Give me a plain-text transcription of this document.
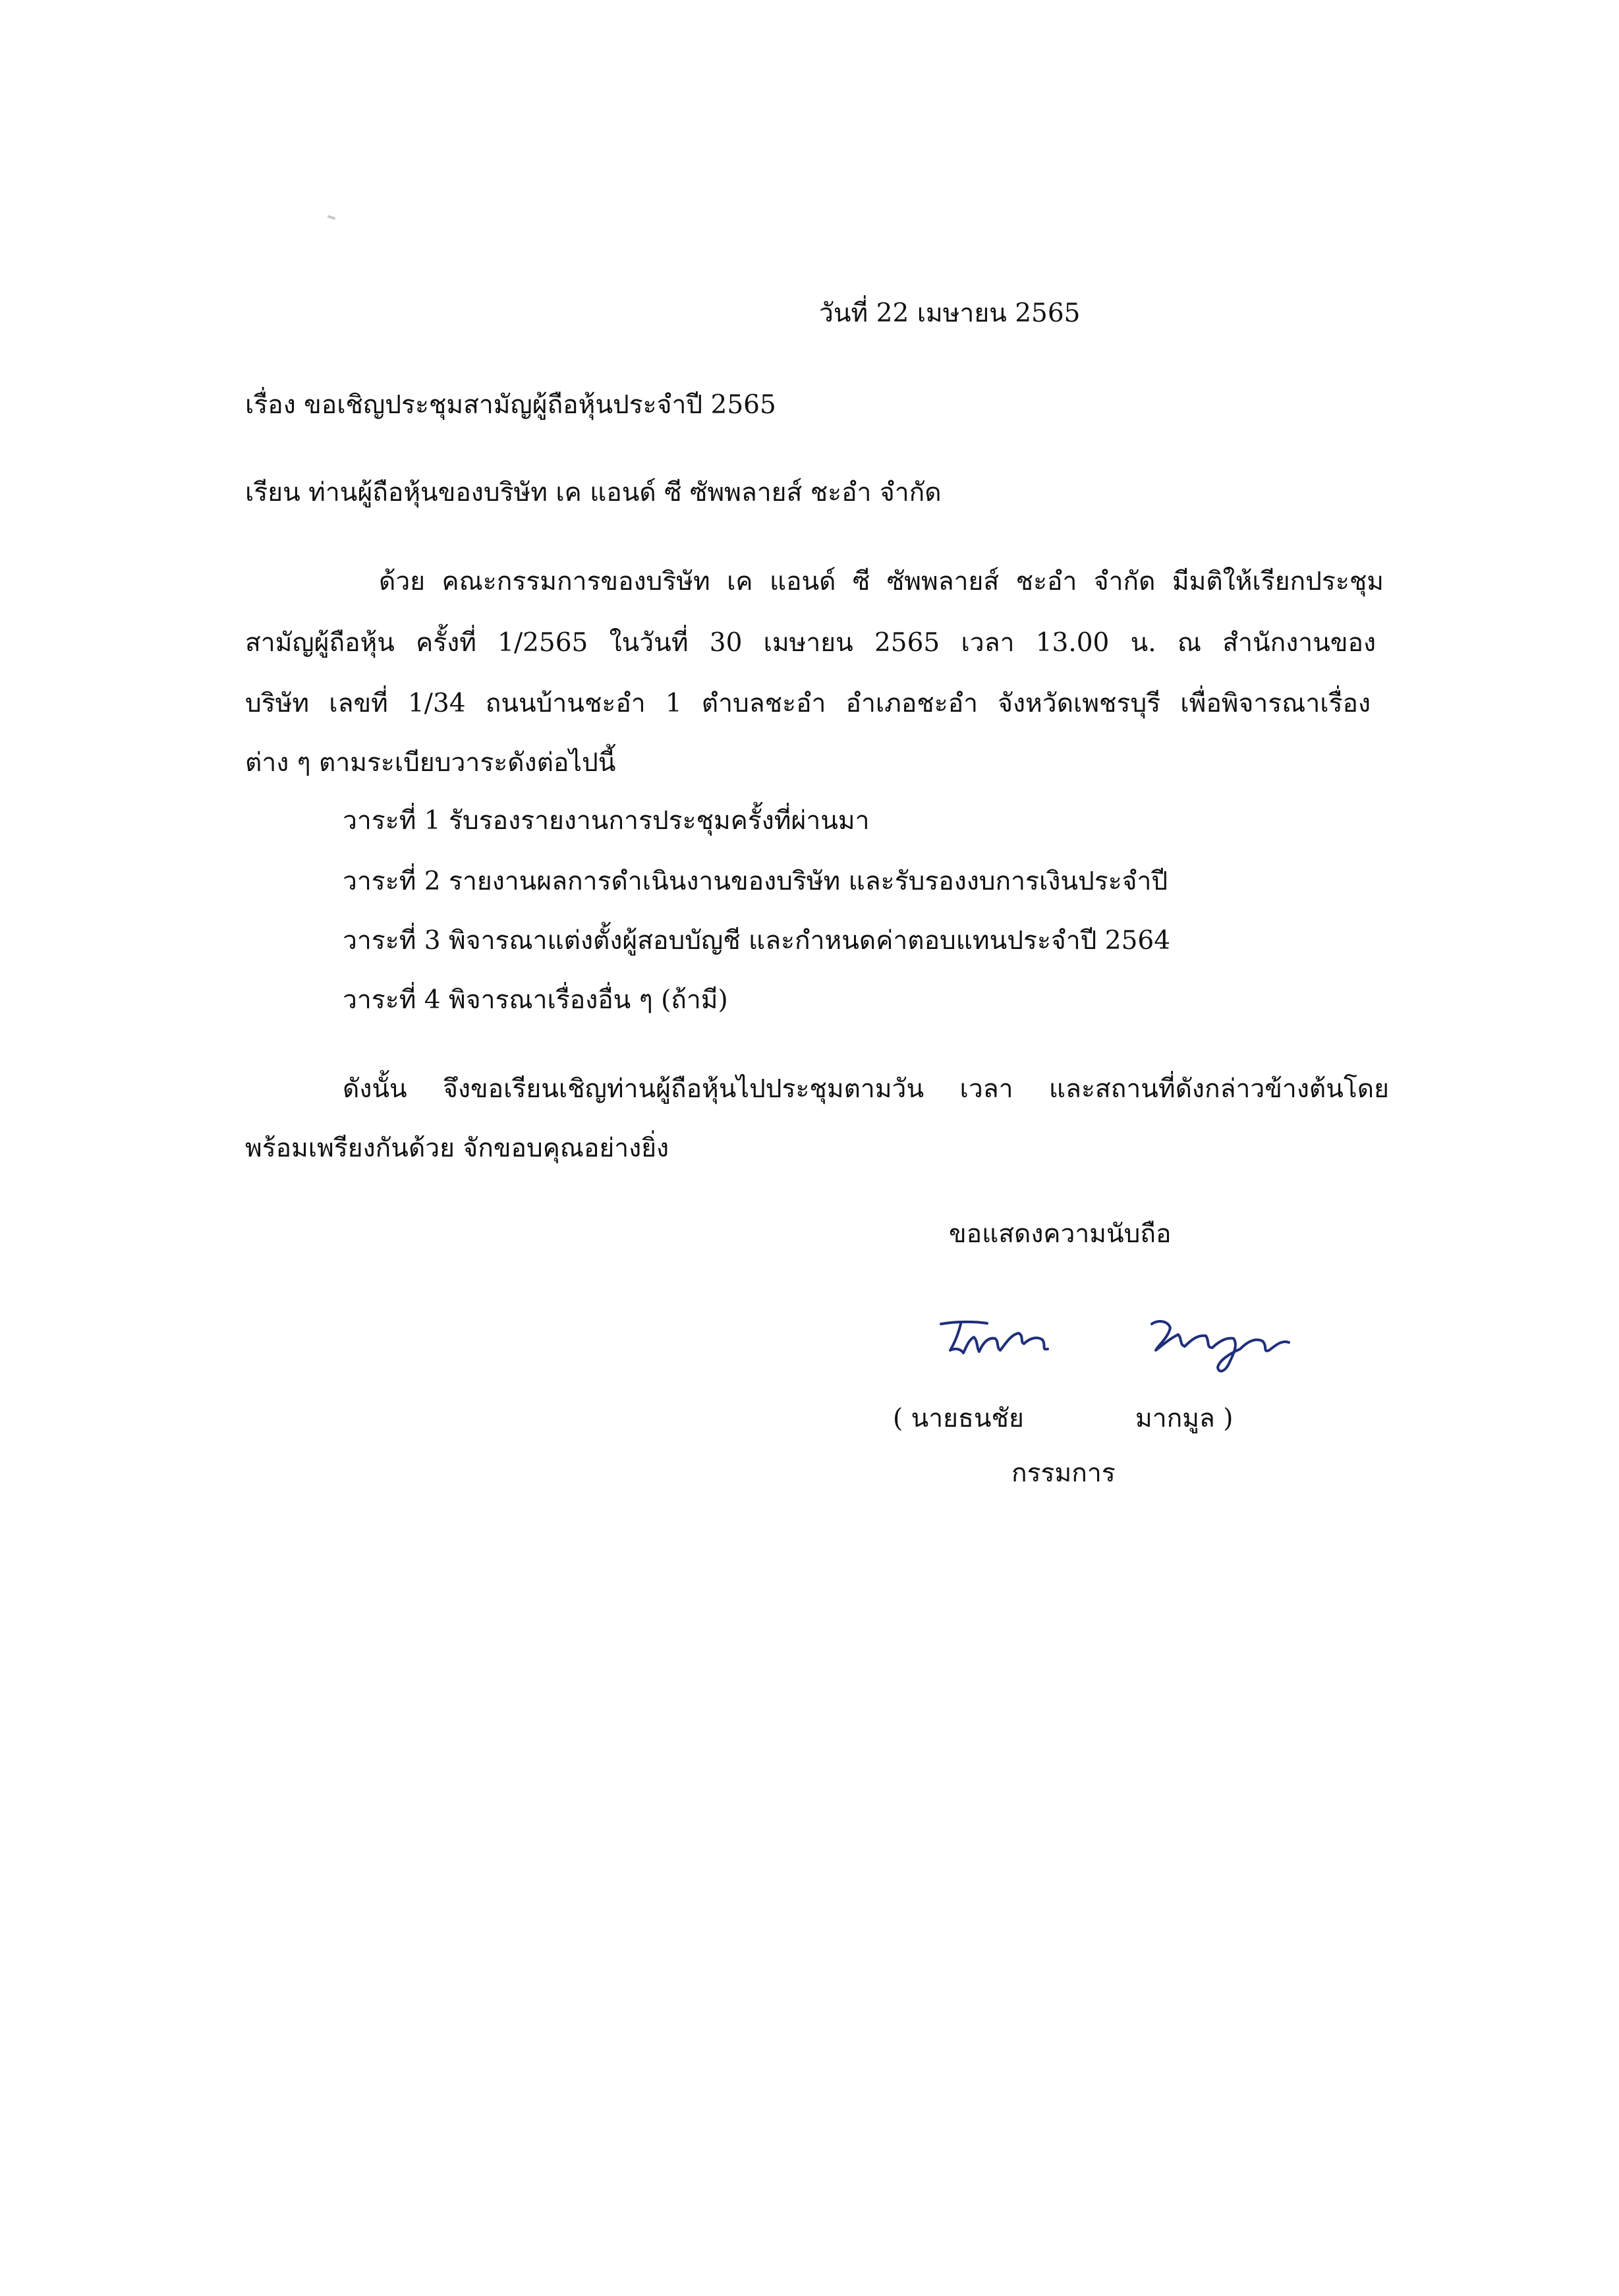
วันที่ 22 เมษายน 2565
เรื่อง ขอเชิญประชุมสามัญผู้ถือหุ้นประจำปี 2565
เรียน ท่านผู้ถือหุ้นของบริษัท เค แอนด์ ซี ซัพพลายส์ ชะอำ จำกัด
ด้วย คณะกรรมการของบริษัท เค แอนด์ ซี ซัพพลายส์ ชะอำ จำกัด มีมติให้เรียกประชุม
สามัญผู้ถือหุ้น ครั้งที่ 1/2565 ในวันที่ 30 เมษายน 2565 เวลา 13.00 น. ณ สำนักงานของ
บริษัท เลขที่ 1/34 ถนนบ้านชะอำ 1 ตำบลชะอำ อำเภอชะอำ จังหวัดเพชรบุรี เพื่อพิจารณาเรื่อง
ต่าง ๆ ตามระเบียบวาระดังต่อไปนี้
วาระที่ 1 รับรองรายงานการประชุมครั้งที่ผ่านมา
วาระที่ 2 รายงานผลการดำเนินงานของบริษัท และรับรองงบการเงินประจำปี
วาระที่ 3 พิจารณาแต่งตั้งผู้สอบบัญชี และกำหนดค่าตอบแทนประจำปี 2564
วาระที่ 4 พิจารณาเรื่องอื่น ๆ (ถ้ามี)
ดังนั้น จึงขอเรียนเชิญท่านผู้ถือหุ้นไปประชุมตามวัน เวลา และสถานที่ดังกล่าวข้างต้นโดย
พร้อมเพรียงกันด้วย จักขอบคุณอย่างยิ่ง
ขอแสดงความนับถือ
( นายธนชัย	มากมูล )
กรรมการ
